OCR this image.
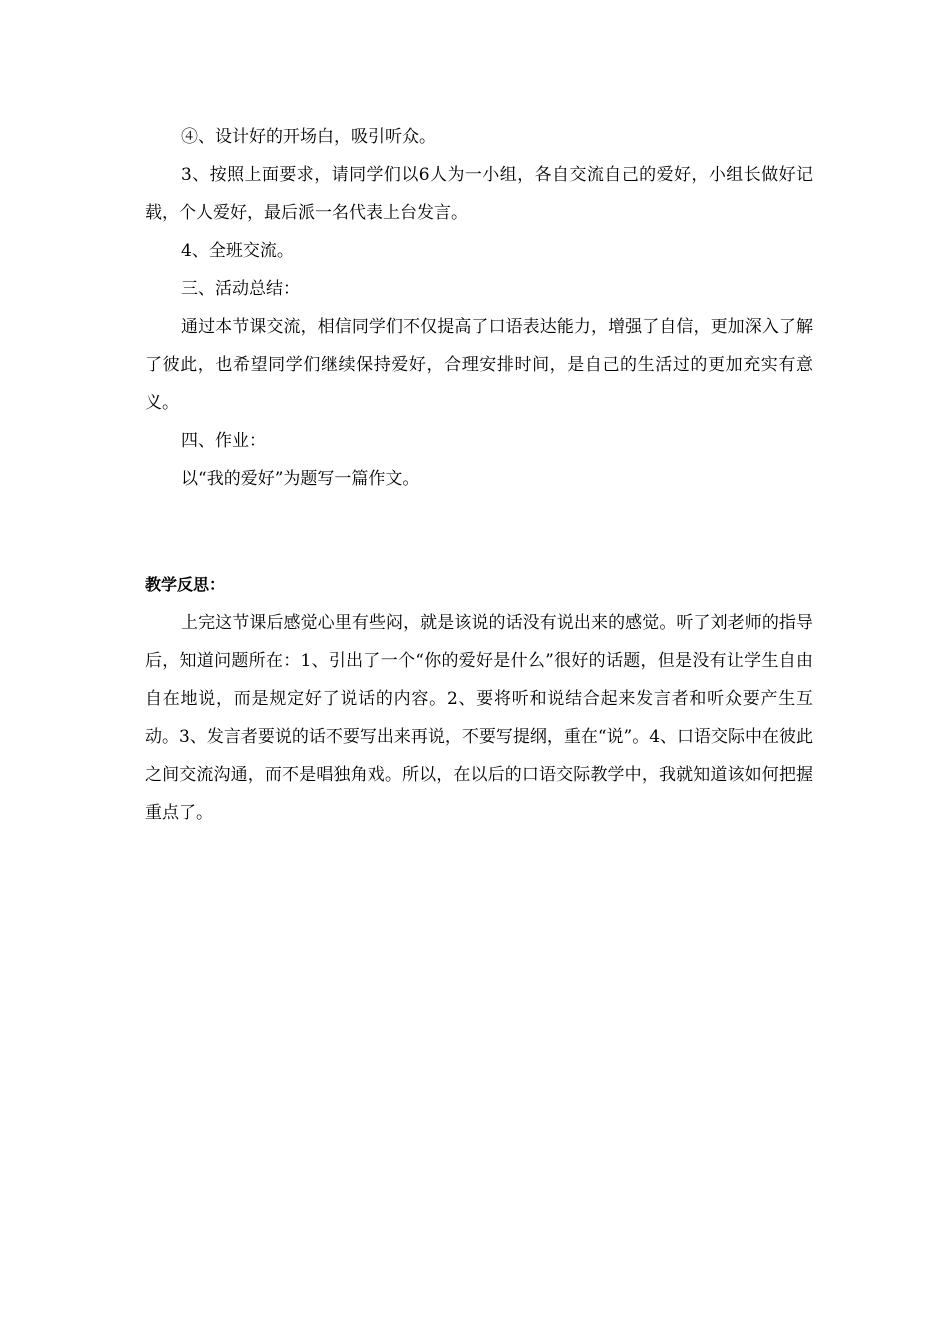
④、设计好的开场白，吸引听众。

3、按照上面要求，请同学们以6人为一小组，各自交流自己的爱好，小组长做好记载，个人爱好，最后派一名代表上台发言。

4、全班交流。

三、活动总结：

通过本节课交流，相信同学们不仅提高了口语表达能力，增强了自信，更加深入了解了彼此，也希望同学们继续保持爱好，合理安排时间，是自己的生活过的更加充实有意义。

四、作业：

以“我的爱好”为题写一篇作文。

教学反思：

上完这节课后感觉心里有些闷，就是该说的话没有说出来的感觉。听了刘老师的指导后，知道问题所在：1、引出了一个“你的爱好是什么”很好的话题，但是没有让学生自由自在地说，而是规定好了说话的内容。2、要将听和说结合起来发言者和听众要产生互动。3、发言者要说的话不要写出来再说，不要写提纲，重在“说”。4、口语交际中在彼此之间交流沟通，而不是唱独角戏。所以，在以后的口语交际教学中，我就知道该如何把握重点了。
